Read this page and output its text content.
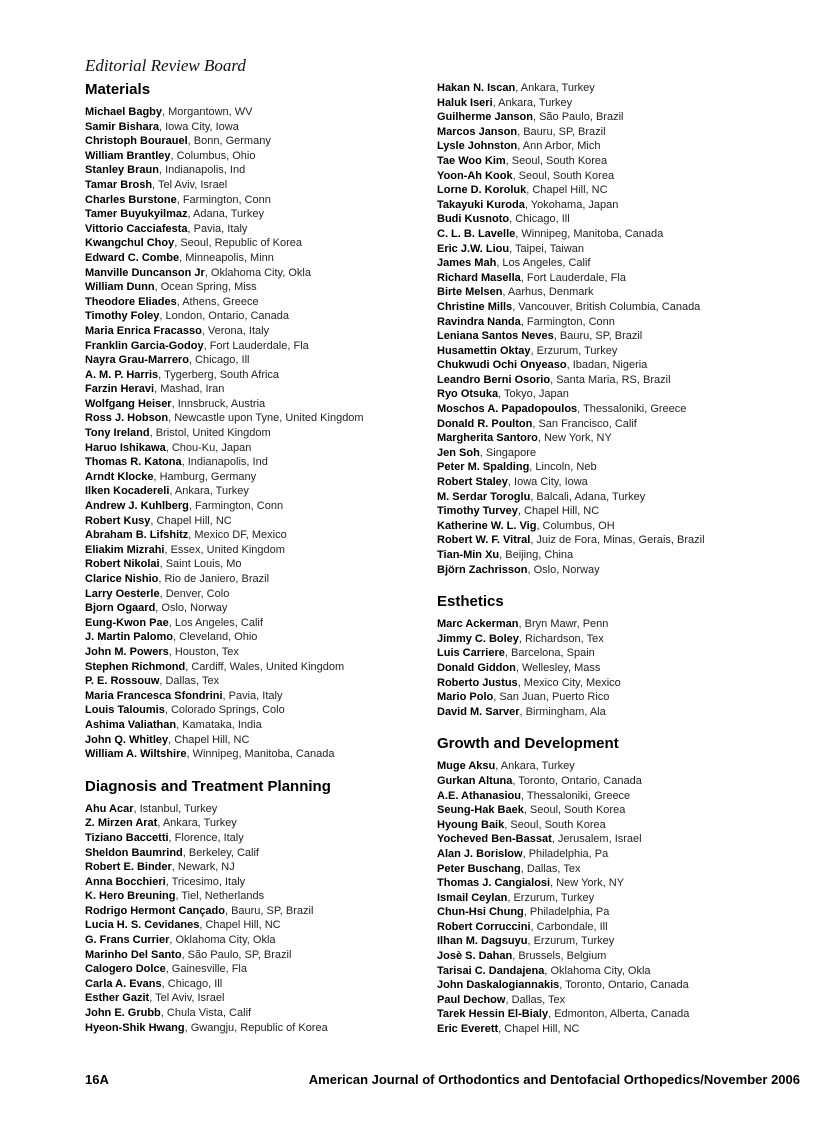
Editorial Review Board
Materials
Michael Bagby, Morgantown, WV
Samir Bishara, Iowa City, Iowa
Christoph Bourauel, Bonn, Germany
William Brantley, Columbus, Ohio
Stanley Braun, Indianapolis, Ind
Tamar Brosh, Tel Aviv, Israel
Charles Burstone, Farmington, Conn
Tamer Buyukyilmaz, Adana, Turkey
Vittorio Cacciafesta, Pavia, Italy
Kwangchul Choy, Seoul, Republic of Korea
Edward C. Combe, Minneapolis, Minn
Manville Duncanson Jr, Oklahoma City, Okla
William Dunn, Ocean Spring, Miss
Theodore Eliades, Athens, Greece
Timothy Foley, London, Ontario, Canada
Maria Enrica Fracasso, Verona, Italy
Franklin Garcia-Godoy, Fort Lauderdale, Fla
Nayra Grau-Marrero, Chicago, Ill
A. M. P. Harris, Tygerberg, South Africa
Farzin Heravi, Mashad, Iran
Wolfgang Heiser, Innsbruck, Austria
Ross J. Hobson, Newcastle upon Tyne, United Kingdom
Tony Ireland, Bristol, United Kingdom
Haruo Ishikawa, Chou-Ku, Japan
Thomas R. Katona, Indianapolis, Ind
Arndt Klocke, Hamburg, Germany
Ilken Kocadereli, Ankara, Turkey
Andrew J. Kuhlberg, Farmington, Conn
Robert Kusy, Chapel Hill, NC
Abraham B. Lifshitz, Mexico DF, Mexico
Eliakim Mizrahi, Essex, United Kingdom
Robert Nikolai, Saint Louis, Mo
Clarice Nishio, Rio de Janiero, Brazil
Larry Oesterle, Denver, Colo
Bjorn Ogaard, Oslo, Norway
Eung-Kwon Pae, Los Angeles, Calif
J. Martin Palomo, Cleveland, Ohio
John M. Powers, Houston, Tex
Stephen Richmond, Cardiff, Wales, United Kingdom
P. E. Rossouw, Dallas, Tex
Maria Francesca Sfondrini, Pavia, Italy
Louis Taloumis, Colorado Springs, Colo
Ashima Valiathan, Kamataka, India
John Q. Whitley, Chapel Hill, NC
William A. Wiltshire, Winnipeg, Manitoba, Canada
Diagnosis and Treatment Planning
Ahu Acar, Istanbul, Turkey
Z. Mirzen Arat, Ankara, Turkey
Tiziano Baccetti, Florence, Italy
Sheldon Baumrind, Berkeley, Calif
Robert E. Binder, Newark, NJ
Anna Bocchieri, Tricesimo, Italy
K. Hero Breuning, Tiel, Netherlands
Rodrigo Hermont Cançado, Bauru, SP, Brazil
Lucia H. S. Cevidanes, Chapel Hill, NC
G. Frans Currier, Oklahoma City, Okla
Marinho Del Santo, São Paulo, SP, Brazil
Calogero Dolce, Gainesville, Fla
Carla A. Evans, Chicago, Ill
Esther Gazit, Tel Aviv, Israel
John E. Grubb, Chula Vista, Calif
Hyeon-Shik Hwang, Gwangju, Republic of Korea
Hakan N. Iscan, Ankara, Turkey
Haluk Iseri, Ankara, Turkey
Guilherme Janson, São Paulo, Brazil
Marcos Janson, Bauru, SP, Brazil
Lysle Johnston, Ann Arbor, Mich
Tae Woo Kim, Seoul, South Korea
Yoon-Ah Kook, Seoul, South Korea
Lorne D. Koroluk, Chapel Hill, NC
Takayuki Kuroda, Yokohama, Japan
Budi Kusnoto, Chicago, Ill
C. L. B. Lavelle, Winnipeg, Manitoba, Canada
Eric J.W. Liou, Taipei, Taiwan
James Mah, Los Angeles, Calif
Richard Masella, Fort Lauderdale, Fla
Birte Melsen, Aarhus, Denmark
Christine Mills, Vancouver, British Columbia, Canada
Ravindra Nanda, Farmington, Conn
Leniana Santos Neves, Bauru, SP, Brazil
Husamettin Oktay, Erzurum, Turkey
Chukwudi Ochi Onyeaso, Ibadan, Nigeria
Leandro Berni Osorio, Santa Maria, RS, Brazil
Ryo Otsuka, Tokyo, Japan
Moschos A. Papadopoulos, Thessaloniki, Greece
Donald R. Poulton, San Francisco, Calif
Margherita Santoro, New York, NY
Jen Soh, Singapore
Peter M. Spalding, Lincoln, Neb
Robert Staley, Iowa City, Iowa
M. Serdar Toroglu, Balcali, Adana, Turkey
Timothy Turvey, Chapel Hill, NC
Katherine W. L. Vig, Columbus, OH
Robert W. F. Vitral, Juiz de Fora, Minas, Gerais, Brazil
Tian-Min Xu, Beijing, China
Björn Zachrisson, Oslo, Norway
Esthetics
Marc Ackerman, Bryn Mawr, Penn
Jimmy C. Boley, Richardson, Tex
Luis Carriere, Barcelona, Spain
Donald Giddon, Wellesley, Mass
Roberto Justus, Mexico City, Mexico
Mario Polo, San Juan, Puerto Rico
David M. Sarver, Birmingham, Ala
Growth and Development
Muge Aksu, Ankara, Turkey
Gurkan Altuna, Toronto, Ontario, Canada
A.E. Athanasiou, Thessaloniki, Greece
Seung-Hak Baek, Seoul, South Korea
Hyoung Baik, Seoul, South Korea
Yocheved Ben-Bassat, Jerusalem, Israel
Alan J. Borislow, Philadelphia, Pa
Peter Buschang, Dallas, Tex
Thomas J. Cangialosi, New York, NY
Ismail Ceylan, Erzurum, Turkey
Chun-Hsi Chung, Philadelphia, Pa
Robert Corruccini, Carbondale, Ill
Ilhan M. Dagsuyu, Erzurum, Turkey
Josè S. Dahan, Brussels, Belgium
Tarisai C. Dandajena, Oklahoma City, Okla
John Daskalogiannakis, Toronto, Ontario, Canada
Paul Dechow, Dallas, Tex
Tarek Hessin El-Bialy, Edmonton, Alberta, Canada
Eric Everett, Chapel Hill, NC
16A	American Journal of Orthodontics and Dentofacial Orthopedics/November 2006
